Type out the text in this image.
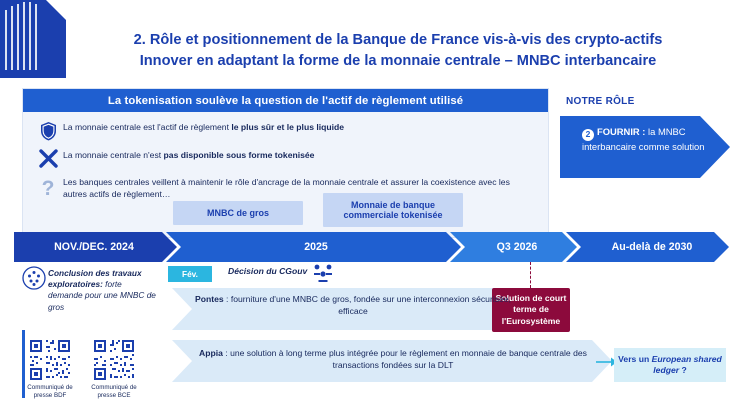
2. Rôle et positionnement de la Banque de France vis-à-vis des crypto-actifs
Innover en adaptant la forme de la monnaie centrale – MNBC interbancaire
La tokenisation soulève la question de l'actif de règlement utilisé
La monnaie centrale est l'actif de règlement le plus sûr et le plus liquide
La monnaie centrale n'est pas disponible sous forme tokenisée
? Les banques centrales veillent à maintenir le rôle d'ancrage de la monnaie centrale et assurer la coexistence avec les autres actifs de règlement…
MNBC de gros
Monnaie de banque commerciale tokenisée
NOTRE RÔLE
2 FOURNIR : la MNBC interbancaire comme solution
NOV./DEC. 2024	2025	Q3 2026	Au-delà de 2030
Conclusion des travaux exploratoires: forte demande pour une MNBC de gros
Fév.	Décision du CGouv
Pontes : fourniture d'une MNBC de gros, fondée sur une interconnexion sécurisée, efficace
Solution de court terme de l'Eurosystème
Appia : une solution à long terme plus intégrée pour le règlement en monnaie de banque centrale des transactions fondées sur la DLT
Vers un European shared ledger ?
Communiqué de presse BDF
Communiqué de presse BCE
